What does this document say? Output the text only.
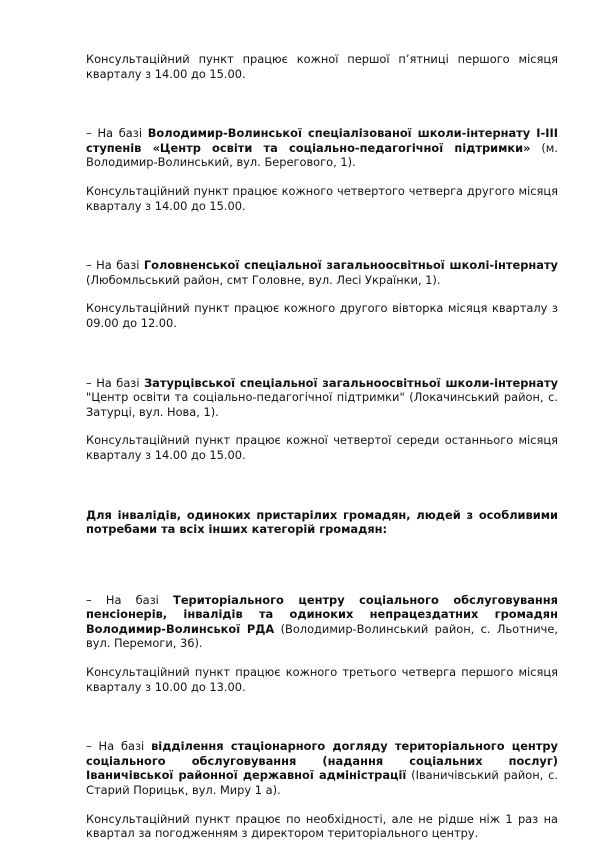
Консультаційний пункт працює кожної першої п’ятниці першого місяця кварталу з 14.00 до 15.00.

– На базі Володимир-Волинської спеціалізованої школи-інтернату І-ІІІ ступенів «Центр освіти та соціально-педагогічної підтримки» (м. Володимир-Волинський, вул. Берегового, 1).

Консультаційний пункт працює кожного четвертого четверга другого місяця кварталу з 14.00 до 15.00.

– На базі Головненської спеціальної загальноосвітньої школі-інтернату (Любомльський район, смт Головне, вул. Лесі Українки, 1).

Консультаційний пункт працює кожного другого вівторка місяця кварталу з 09.00 до 12.00.

– На базі Затурцівської спеціальної загальноосвітньої школи-інтернату "Центр освіти та соціально-педагогічної підтримки" (Локачинський район, с. Затурці, вул. Нова, 1).

Консультаційний пункт працює кожної четвертої середи останнього місяця кварталу з 14.00 до 15.00.

Для інвалідів, одиноких пристарілих громадян, людей з особливими потребами та всіх інших категорій громадян:

– На базі Територіального центру соціального обслуговування пенсіонерів, інвалідів та одиноких непрацездатних громадян Володимир-Волинської РДА (Володимир-Волинський район, с. Льотниче, вул. Перемоги, 36).

Консультаційний пункт працює кожного третього четверга першого місяця кварталу з 10.00 до 13.00.

– На базі відділення стаціонарного догляду територіального центру соціального обслуговування (надання соціальних послуг) Іваничівської районної державної адміністрації (Іваничівський район, с. Старий Порицьк, вул. Миру 1 а).

Консультаційний пункт працює по необхідності, але не рідше ніж 1 раз на квартал за погодженням з директором територіального центру.
